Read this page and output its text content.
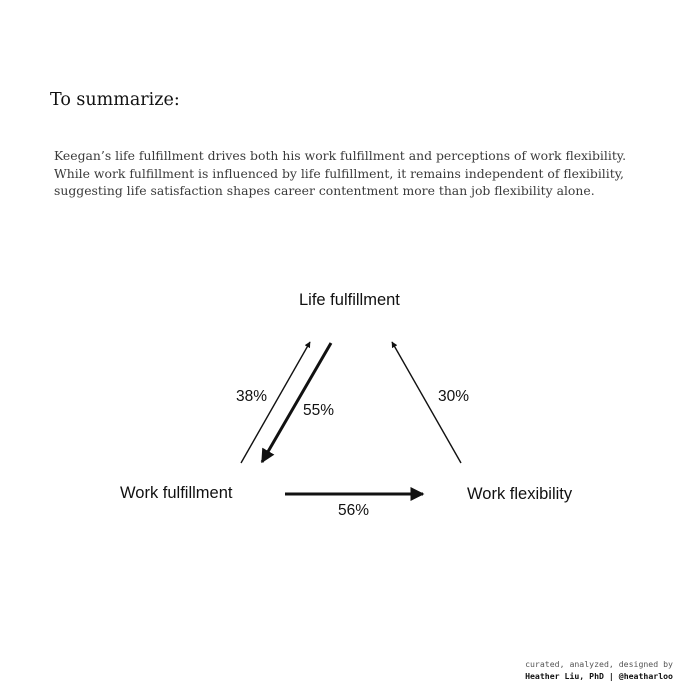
To summarize:

Keegan’s life fulfillment drives both his work fulfillment and perceptions of work flexibility. While work fulfillment is influenced by life fulfillment, it remains independent of flexibility, suggesting life satisfaction shapes career contentment more than job flexibility alone.

Life fulfillment
Work fulfillment	Work flexibility
38%
55%
30%
56%
curated, analyzed, designed by
Heather Liu, PhD | @heatharloo
